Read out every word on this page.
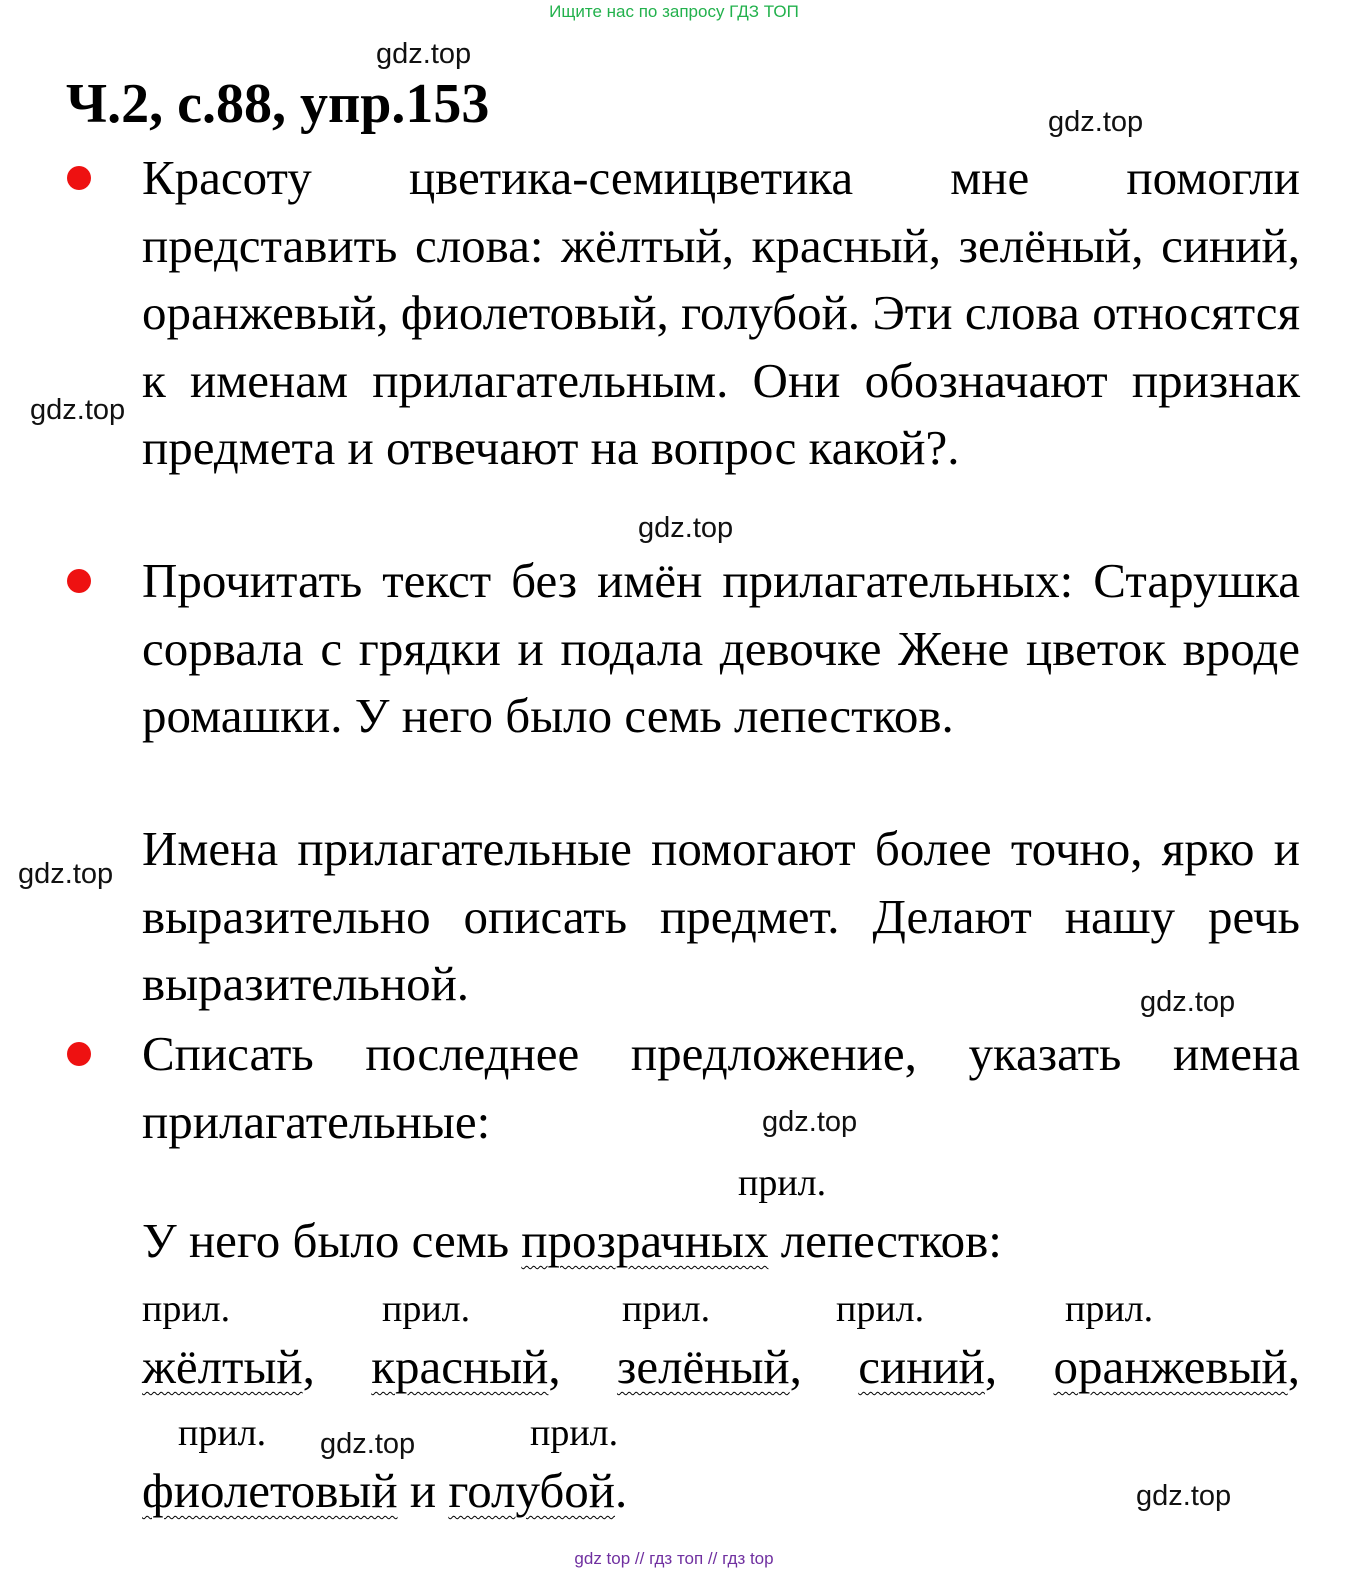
Ищите нас по запросу ГДЗ ТОП
gdz.top
Ч.2, с.88, упр.153	gdz.top
Красоту цветика-семицветика мне помогли представить слова: жёлтый, красный, зелёный, синий, оранжевый, фиолетовый, голубой. Эти слова относятся к именам прилагательным. Они обозначают признак предмета и отвечают на вопрос какой?.
gdz.top
gdz.top
Прочитать текст без имён прилагательных: Старушка сорвала с грядки и подала девочке Жене цветок вроде ромашки. У него было семь лепестков.
gdz.top Имена прилагательные помогают более точно, ярко и выразительно описать предмет. Делают нашу речь выразительной.	gdz.top
Списать последнее предложение, указать имена прилагательные:	gdz.top
прил.
У него было семь прозрачных лепестков:
прил.	прил.	прил.	прил.	прил.
жёлтый, красный, зелёный, синий, оранжевый,
прил. gdz.top	прил.
фиолетовый и голубой.	gdz.top
gdz top // гдз топ // гдз top
